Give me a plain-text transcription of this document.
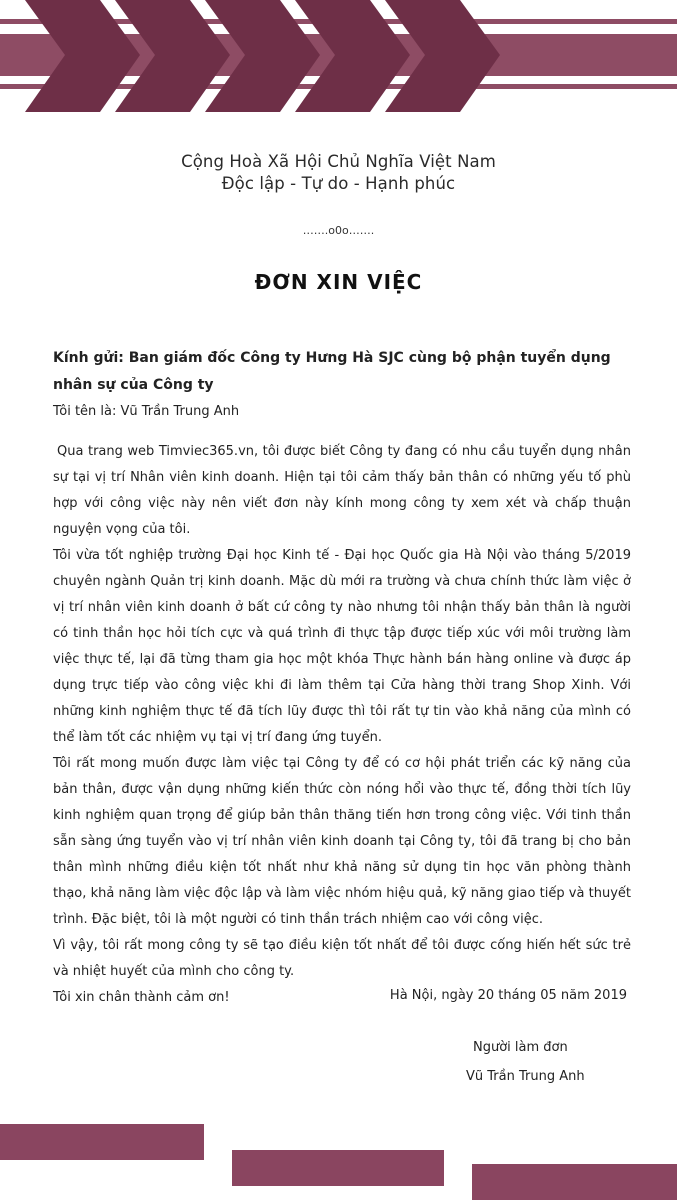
Cộng Hoà Xã Hội Chủ Nghĩa Việt Nam
Độc lập - Tự do - Hạnh phúc
…….o0o…….
ĐƠN XIN VIỆC

Kính gửi: Ban giám đốc Công ty Hưng Hà SJC cùng bộ phận tuyển dụng nhân sự của Công ty

Tôi tên là: Vũ Trần Trung Anh

Qua trang web Timviec365.vn, tôi được biết Công ty đang có nhu cầu tuyển dụng nhân sự tại vị trí Nhân viên kinh doanh. Hiện tại tôi cảm thấy bản thân có những yếu tố phù hợp với công việc này nên viết đơn này kính mong công ty xem xét và chấp thuận nguyện vọng của tôi.

Tôi vừa tốt nghiệp trường Đại học Kinh tế - Đại học Quốc gia Hà Nội vào tháng 5/2019 chuyên ngành Quản trị kinh doanh. Mặc dù mới ra trường và chưa chính thức làm việc ở vị trí nhân viên kinh doanh ở bất cứ công ty nào nhưng tôi nhận thấy bản thân là người có tinh thần học hỏi tích cực và quá trình đi thực tập được tiếp xúc với môi trường làm việc thực tế, lại đã từng tham gia học một khóa Thực hành bán hàng online và được áp dụng trực tiếp vào công việc khi đi làm thêm tại Cửa hàng thời trang Shop Xinh. Với những kinh nghiệm thực tế đã tích lũy được thì tôi rất tự tin vào khả năng của mình có thể làm tốt các nhiệm vụ tại vị trí đang ứng tuyển.

Tôi rất mong muốn được làm việc tại Công ty để có cơ hội phát triển các kỹ năng của bản thân, được vận dụng những kiến thức còn nóng hổi vào thực tế, đồng thời tích lũy kinh nghiệm quan trọng để giúp bản thân thăng tiến hơn trong công việc. Với tinh thần sẵn sàng ứng tuyển vào vị trí nhân viên kinh doanh tại Công ty, tôi đã trang bị cho bản thân mình những điều kiện tốt nhất như khả năng sử dụng tin học văn phòng thành thạo, khả năng làm việc độc lập và làm việc nhóm hiệu quả, kỹ năng giao tiếp và thuyết trình. Đặc biệt, tôi là một người có tinh thần trách nhiệm cao với công việc.

Vì vậy, tôi rất mong công ty sẽ tạo điều kiện tốt nhất để tôi được cống hiến hết sức trẻ và nhiệt huyết của mình cho công ty.

Tôi xin chân thành cảm ơn!	Hà Nội, ngày 20 tháng 05 năm 2019
Người làm đơn
Vũ Trần Trung Anh
